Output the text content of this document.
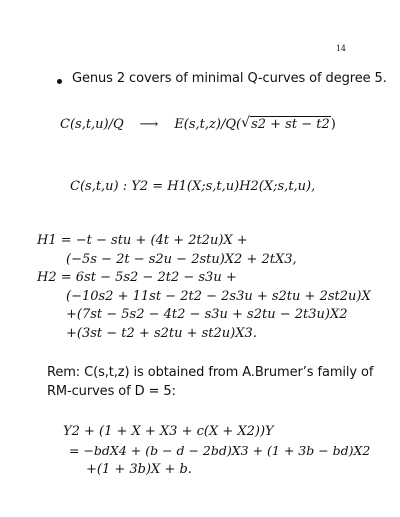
14
Genus 2 covers of minimal Q-curves of degree 5.
C(s,t,u)/Q ⟶ E(s,t,z)/Q( √ s2 + st − t2 )
C(s,t,u) : Y2 = H1(X;s,t,u)H2(X;s,t,u),
H1 = −t − stu + (4t + 2t2u)X +
(−5s − 2t − s2u − 2stu)X2 + 2tX3,
H2 = 6st − 5s2 − 2t2 − s3u +
(−10s2 + 11st − 2t2 − 2s3u + s2tu + 2st2u)X
+(7st − 5s2 − 4t2 − s3u + s2tu − 2t3u)X2
+(3st − t2 + s2tu + st2u)X3.
Rem: C(s,t,z) is obtained from A.Brumer’s family of
RM-curves of D = 5:
Y2 + (1 + X + X3 + c(X + X2))Y
= −bdX4 + (b − d − 2bd)X3 + (1 + 3b − bd)X2
+(1 + 3b)X + b.
